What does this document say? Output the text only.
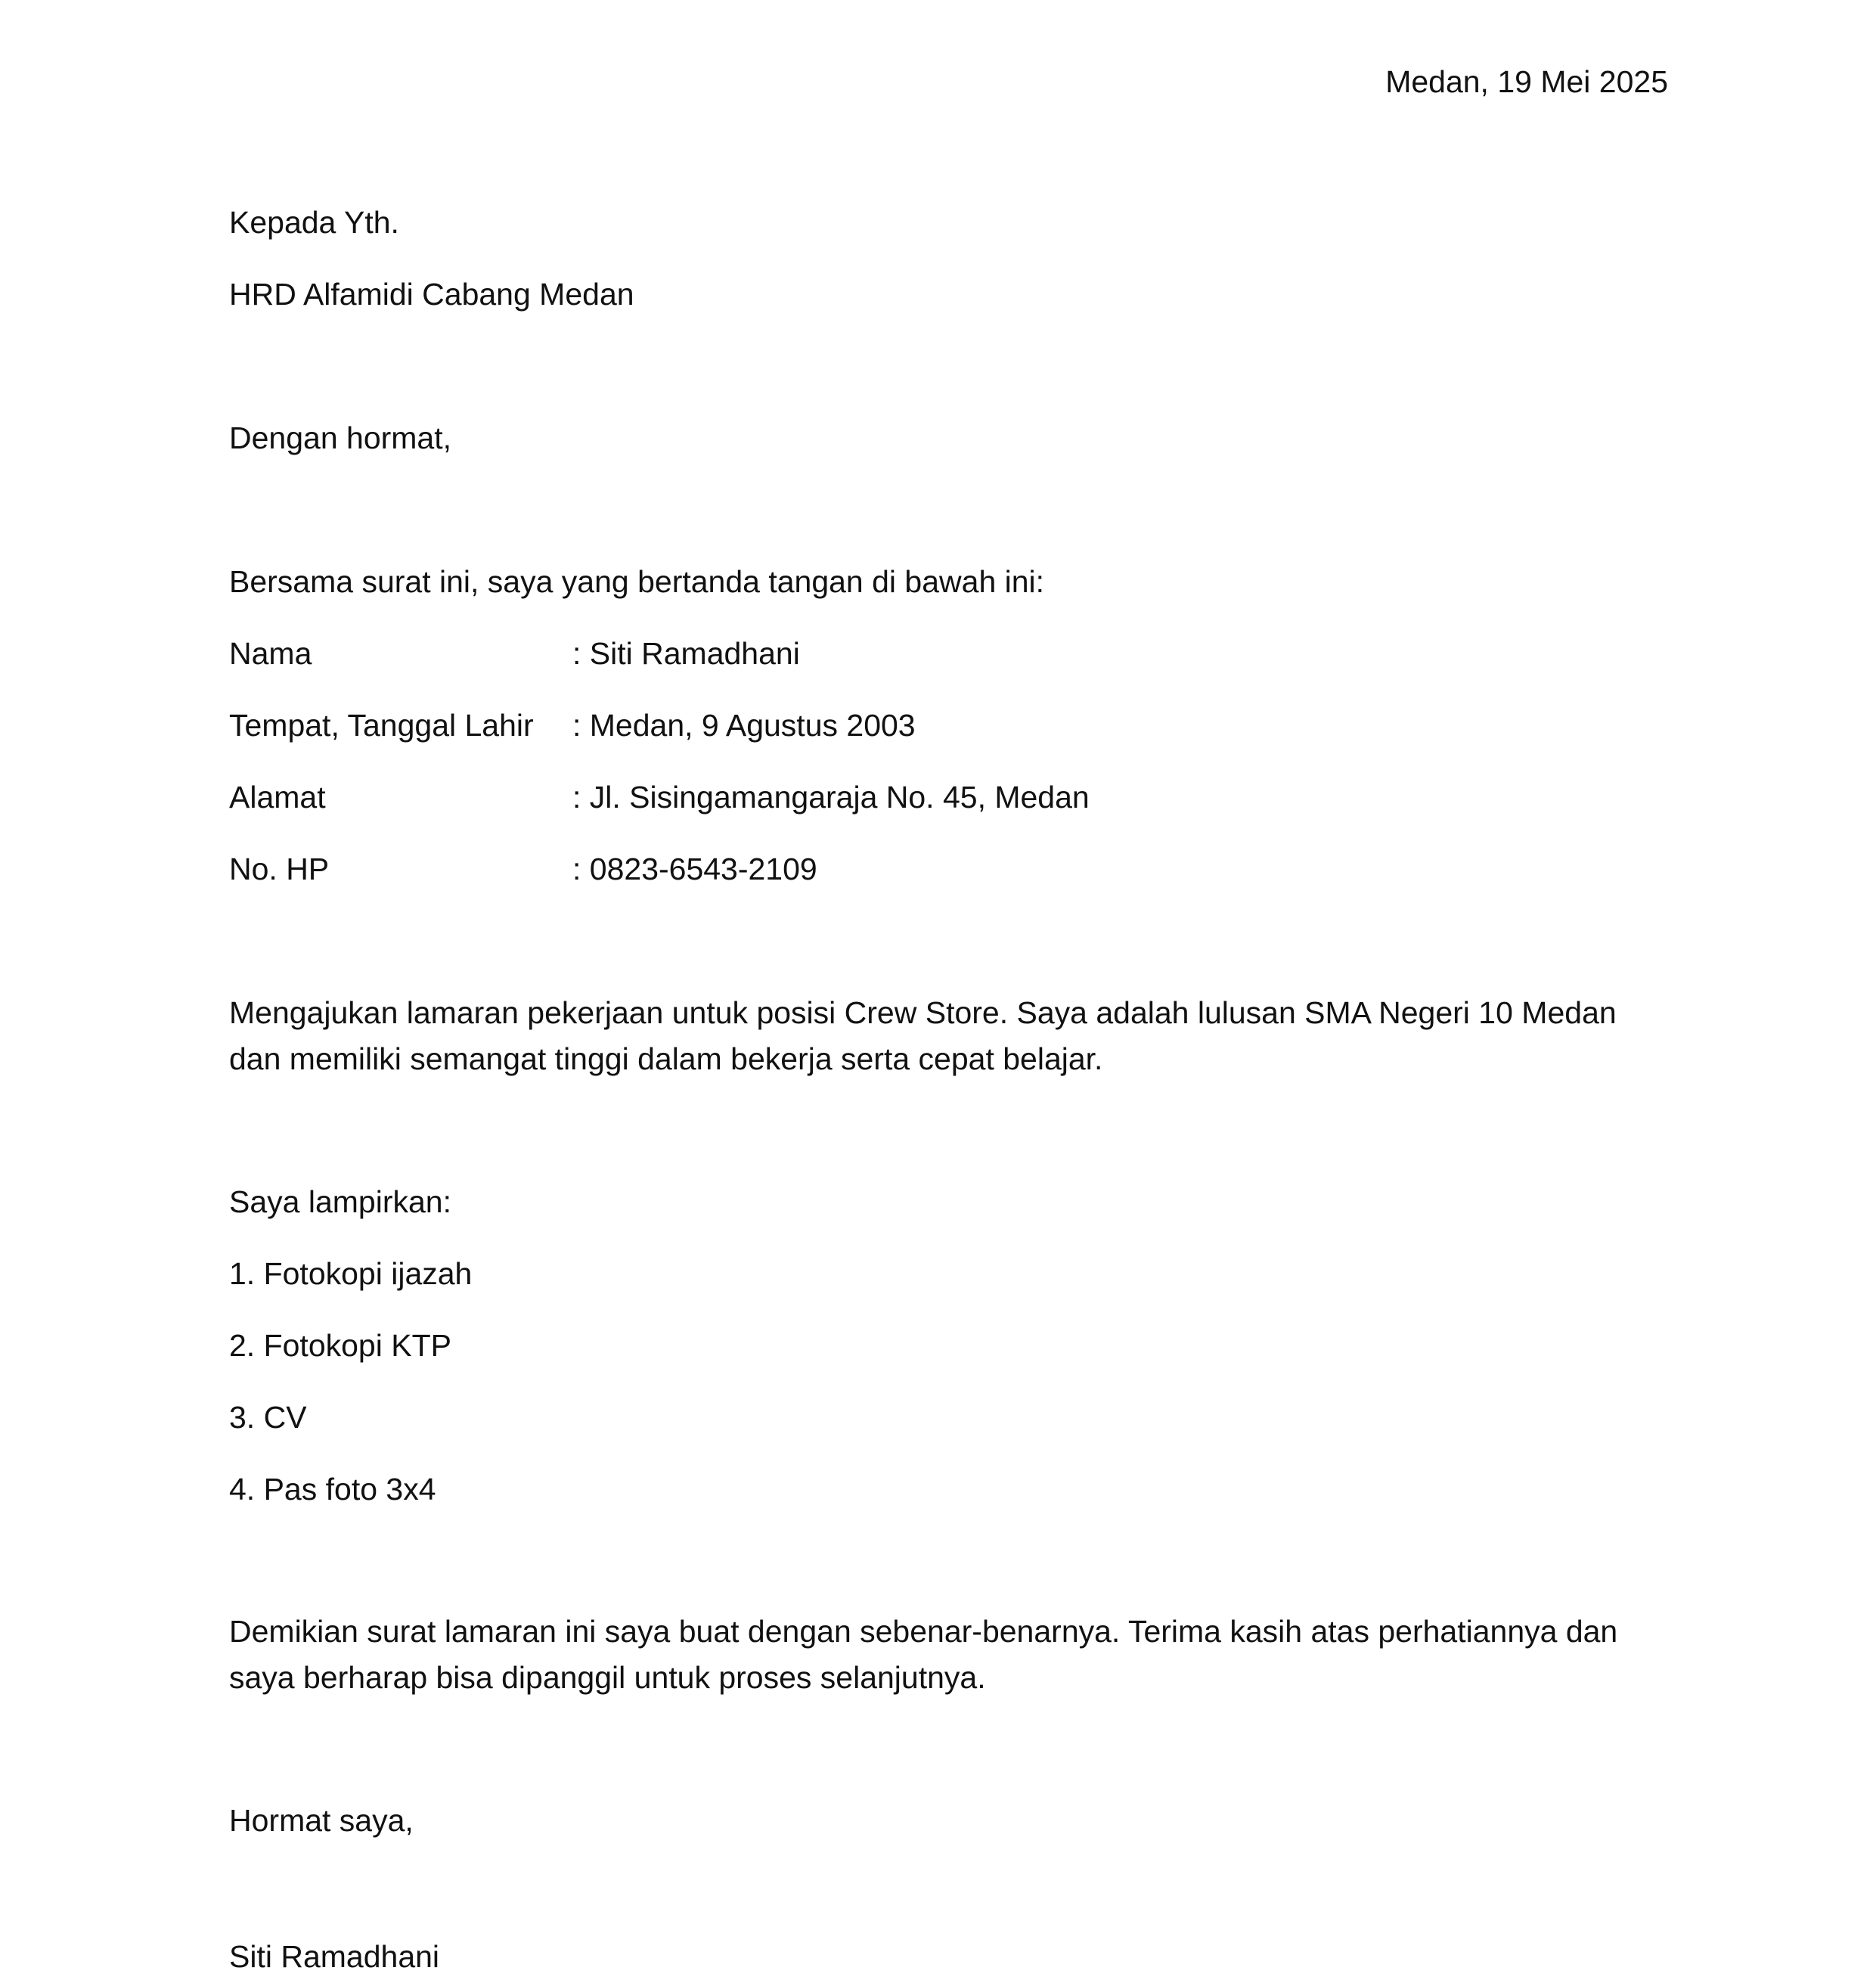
Medan, 19 Mei 2025

Kepada Yth.

HRD Alfamidi Cabang Medan

Dengan hormat,

Bersama surat ini, saya yang bertanda tangan di bawah ini:

Nama	: Siti Ramadhani
Tempat, Tanggal Lahir : Medan, 9 Agustus 2003
Alamat	: Jl. Sisingamangaraja No. 45, Medan
No. HP	: 0823-6543-2109

Mengajukan lamaran pekerjaan untuk posisi Crew Store. Saya adalah lulusan SMA Negeri 10 Medan

dan memiliki semangat tinggi dalam bekerja serta cepat belajar.

Saya lampirkan:

1. Fotokopi ijazah

2. Fotokopi KTP

3. CV

4. Pas foto 3x4

Demikian surat lamaran ini saya buat dengan sebenar-benarnya. Terima kasih atas perhatiannya dan

saya berharap bisa dipanggil untuk proses selanjutnya.

Hormat saya,

Siti Ramadhani
